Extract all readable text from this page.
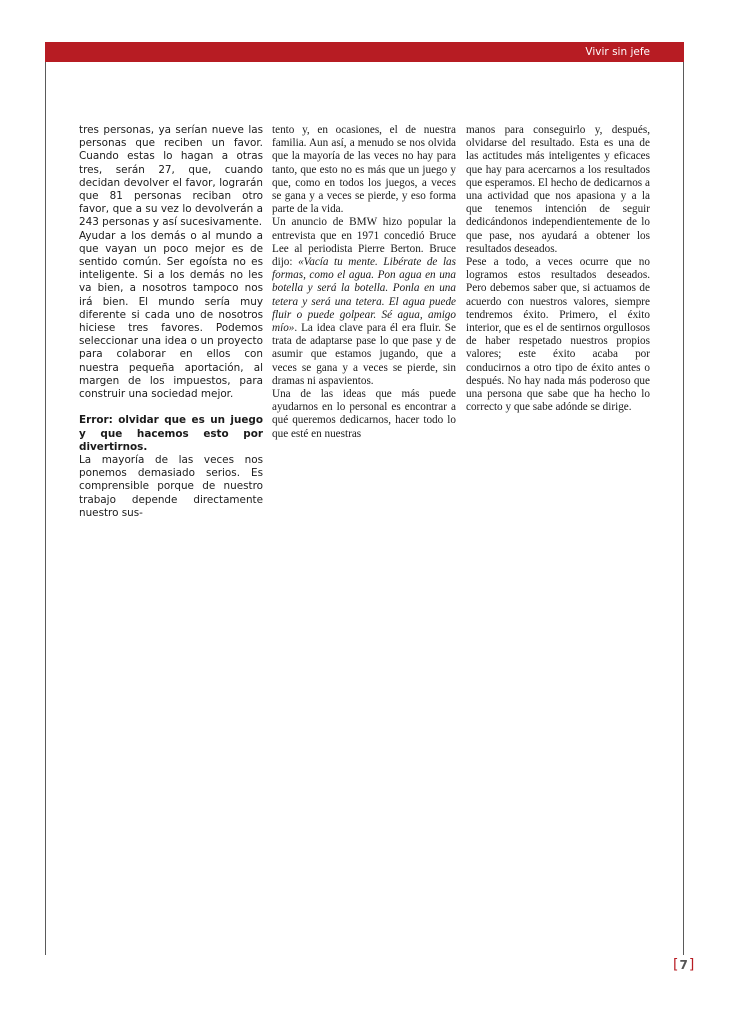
Vivir sin jefe

tres personas, ya serían nueve las personas que reciben un favor. Cuando estas lo hagan a otras tres, serán 27, que, cuando decidan devolver el favor, lograrán que 81 personas reciban otro favor, que a su vez lo devolverán a 243 personas y así sucesivamente.

Ayudar a los demás o al mundo a que vayan un poco mejor es de sentido común. Ser egoísta no es inteligente. Si a los demás no les va bien, a nosotros tampoco nos irá bien. El mundo sería muy diferente si cada uno de nosotros hiciese tres favores. Podemos seleccionar una idea o un proyecto para colaborar en ellos con nuestra pequeña aportación, al margen de los impuestos, para construir una sociedad mejor.

Error: olvidar que es un juego y que hacemos esto por divertirnos.

La mayoría de las veces nos ponemos demasiado serios. Es comprensible porque de nuestro trabajo depende directamente nuestro sus-

tento y, en ocasiones, el de nuestra familia. Aun así, a menudo se nos olvida que la mayoría de las veces no hay para tanto, que esto no es más que un juego y que, como en todos los juegos, a veces se gana y a veces se pierde, y eso forma parte de la vida.

Un anuncio de BMW hizo popular la entrevista que en 1971 concedió Bruce Lee al periodista Pierre Berton. Bruce dijo: «Vacía tu mente. Libérate de las formas, como el agua. Pon agua en una botella y será la botella. Ponla en una tetera y será una tetera. El agua puede fluir o puede golpear. Sé agua, amigo mío». La idea clave para él era fluir. Se trata de adaptarse pase lo que pase y de asumir que estamos jugando, que a veces se gana y a veces se pierde, sin dramas ni aspavientos.

Una de las ideas que más puede ayudarnos en lo personal es encontrar a qué queremos dedicarnos, hacer todo lo que esté en nuestras

manos para conseguirlo y, después, olvidarse del resultado. Esta es una de las actitudes más inteligentes y eficaces que hay para acercarnos a los resultados que esperamos. El hecho de dedicarnos a una actividad que nos apasiona y a la que tenemos intención de seguir dedicándonos independientemente de lo que pase, nos ayudará a obtener los resultados deseados.

Pese a todo, a veces ocurre que no logramos estos resultados deseados. Pero debemos saber que, si actuamos de acuerdo con nuestros valores, siempre tendremos éxito. Primero, el éxito interior, que es el de sentirnos orgullosos de haber respetado nuestros propios valores; este éxito acaba por conducirnos a otro tipo de éxito antes o después. No hay nada más poderoso que una persona que sabe que ha hecho lo correcto y que sabe adónde se dirige.

[7]
